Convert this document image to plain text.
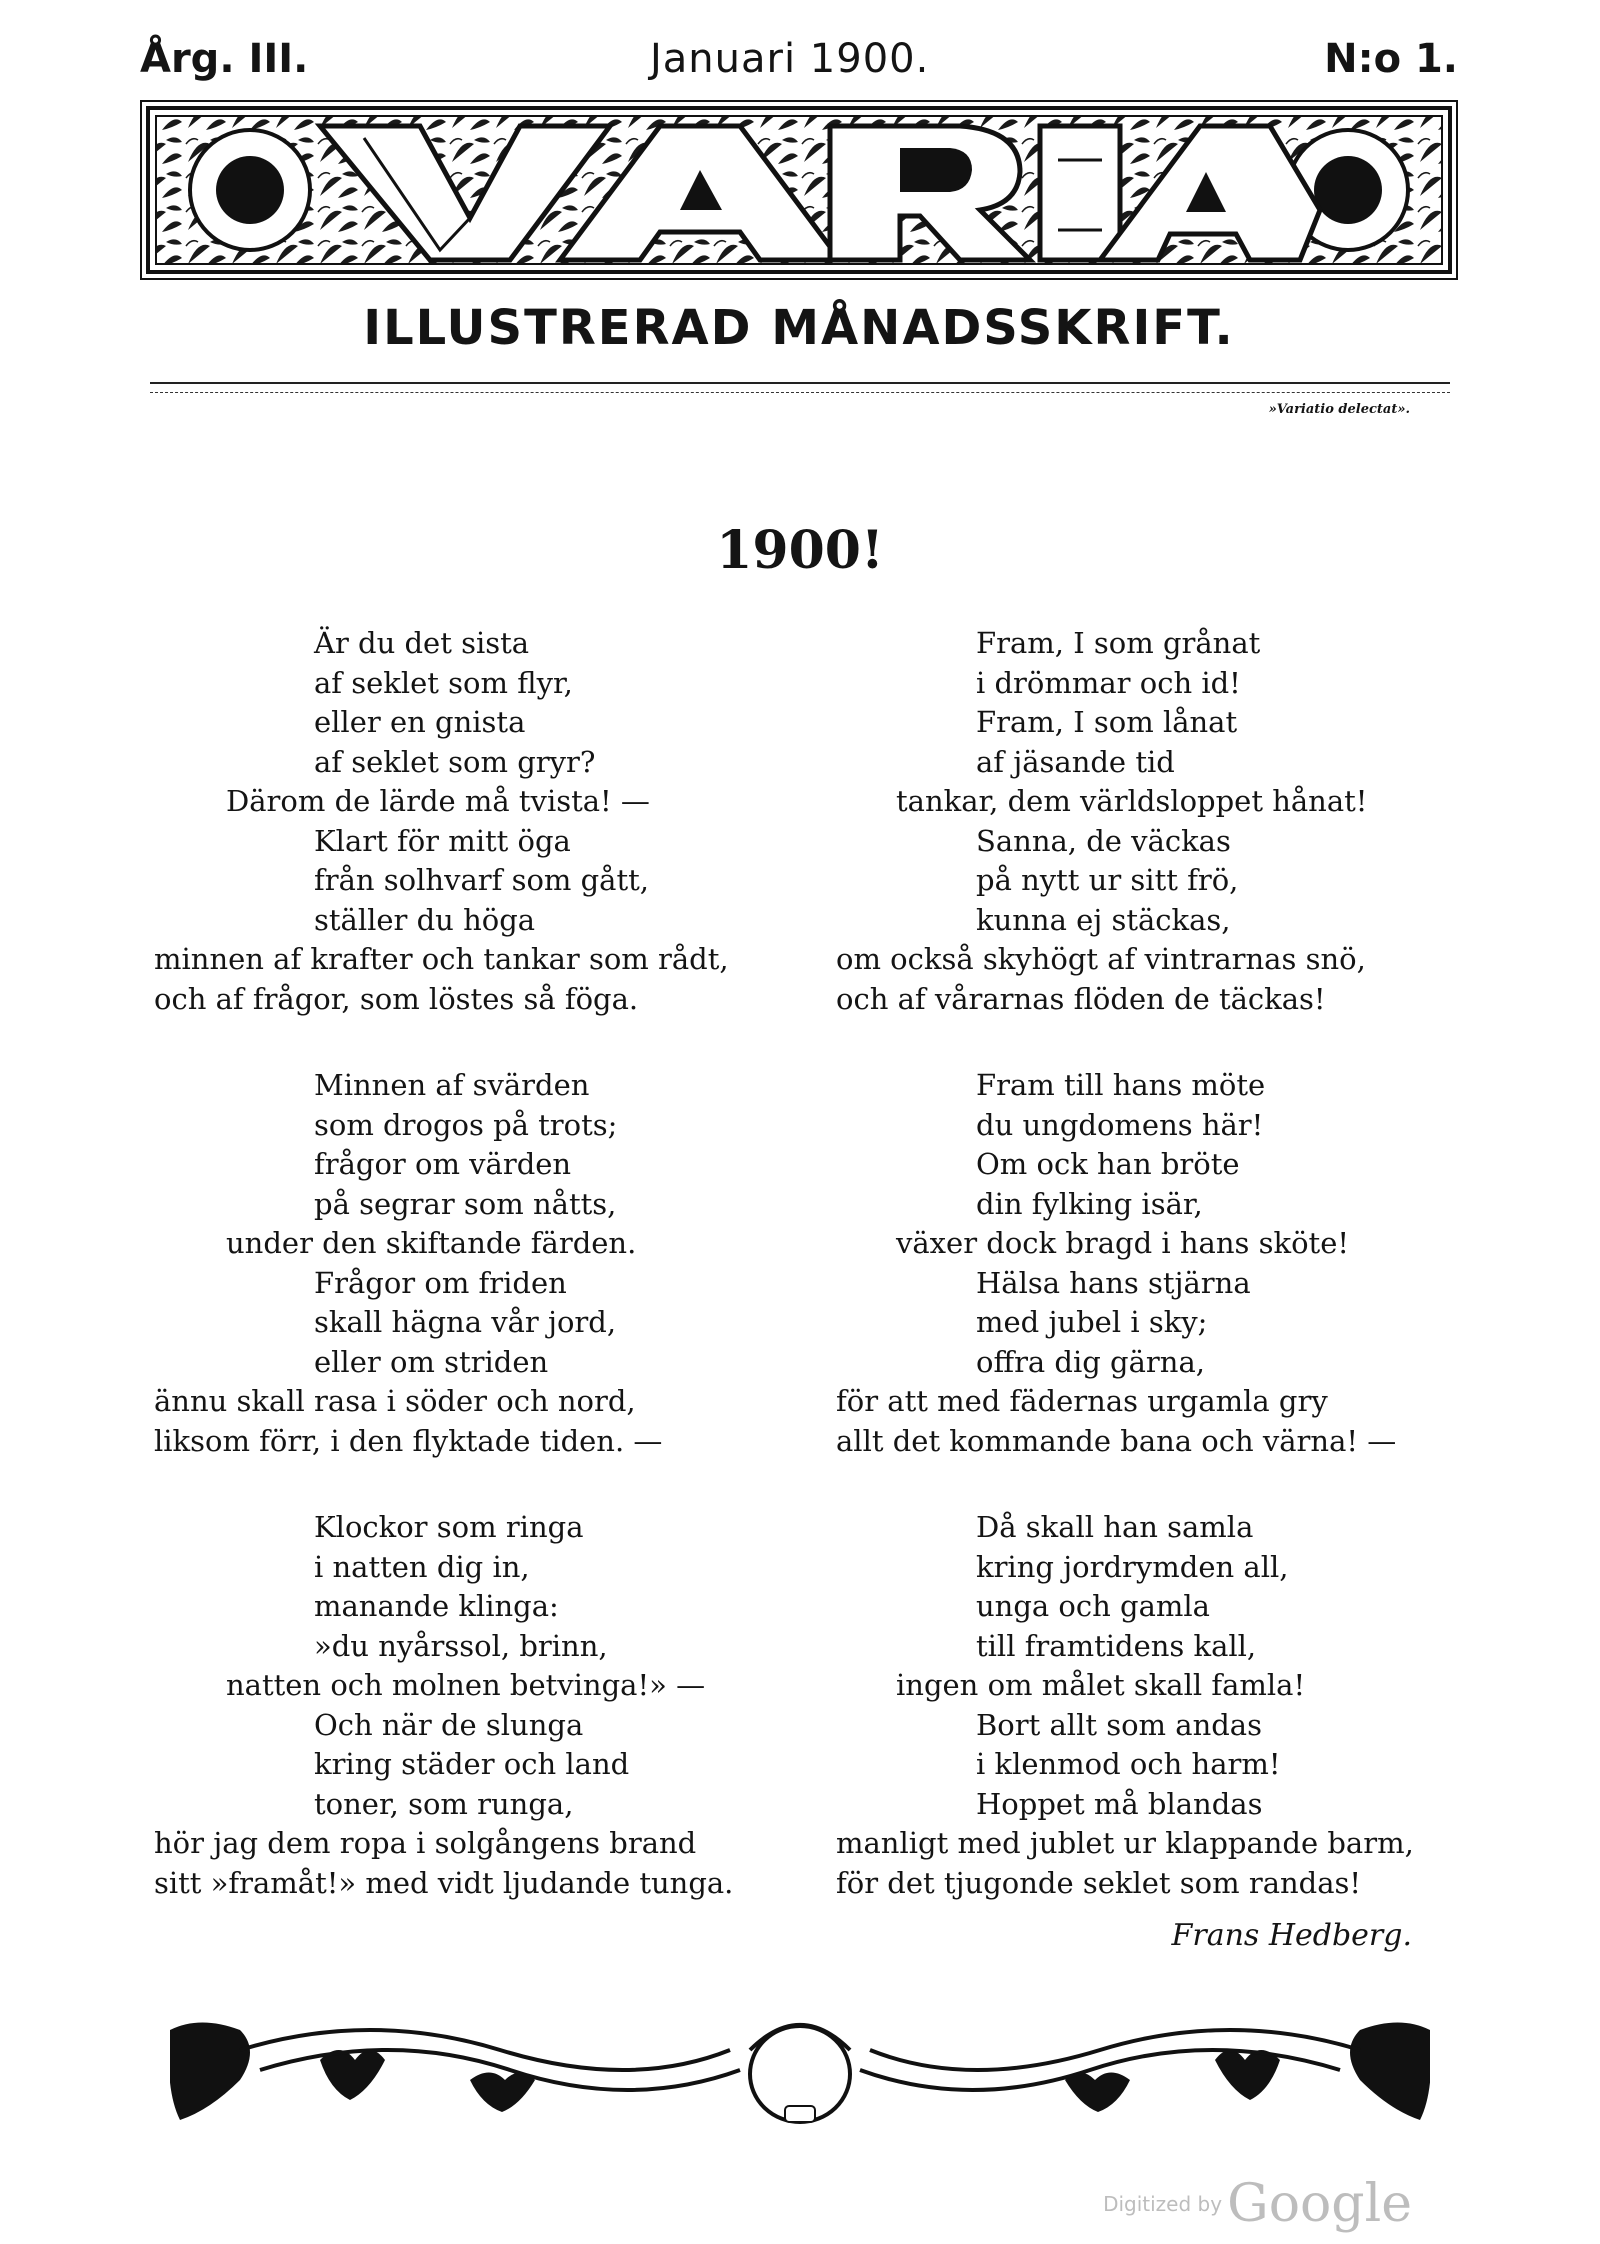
Årg. III.	Januari 1900.	N:o 1.
ILLUSTRERAD MÅNADSSKRIFT.
»Variatio delectat».
1900!
Är du det sista
af seklet som flyr,
eller en gnista
af seklet som gryr?
Därom de lärde må tvista! —
Klart för mitt öga
från solhvarf som gått,
ställer du höga
minnen af krafter och tankar som rådt,
och af frågor, som löstes så föga.
Minnen af svärden
som drogos på trots;
frågor om värden
på segrar som nåtts,
under den skiftande färden.
Frågor om friden
skall hägna vår jord,
eller om striden
ännu skall rasa i söder och nord,
liksom förr, i den flyktade tiden. —
Klockor som ringa
i natten dig in,
manande klinga:
»du nyårssol, brinn,
natten och molnen betvinga!» —
Och när de slunga
kring städer och land
toner, som runga,
hör jag dem ropa i solgångens brand
sitt »framåt!» med vidt ljudande tunga.
Fram, I som grånat
i drömmar och id!
Fram, I som lånat
af jäsande tid
tankar, dem världsloppet hånat!
Sanna, de väckas
på nytt ur sitt frö,
kunna ej stäckas,
om också skyhögt af vintrarnas snö,
och af vårarnas flöden de täckas!
Fram till hans möte
du ungdomens här!
Om ock han bröte
din fylking isär,
växer dock bragd i hans sköte!
Hälsa hans stjärna
med jubel i sky;
offra dig gärna,
för att med fädernas urgamla gry
allt det kommande bana och värna! —
Då skall han samla
kring jordrymden all,
unga och gamla
till framtidens kall,
ingen om målet skall famla!
Bort allt som andas
i klenmod och harm!
Hoppet må blandas
manligt med jublet ur klappande barm,
för det tjugonde seklet som randas!
Frans Hedberg.
Digitized by Google
